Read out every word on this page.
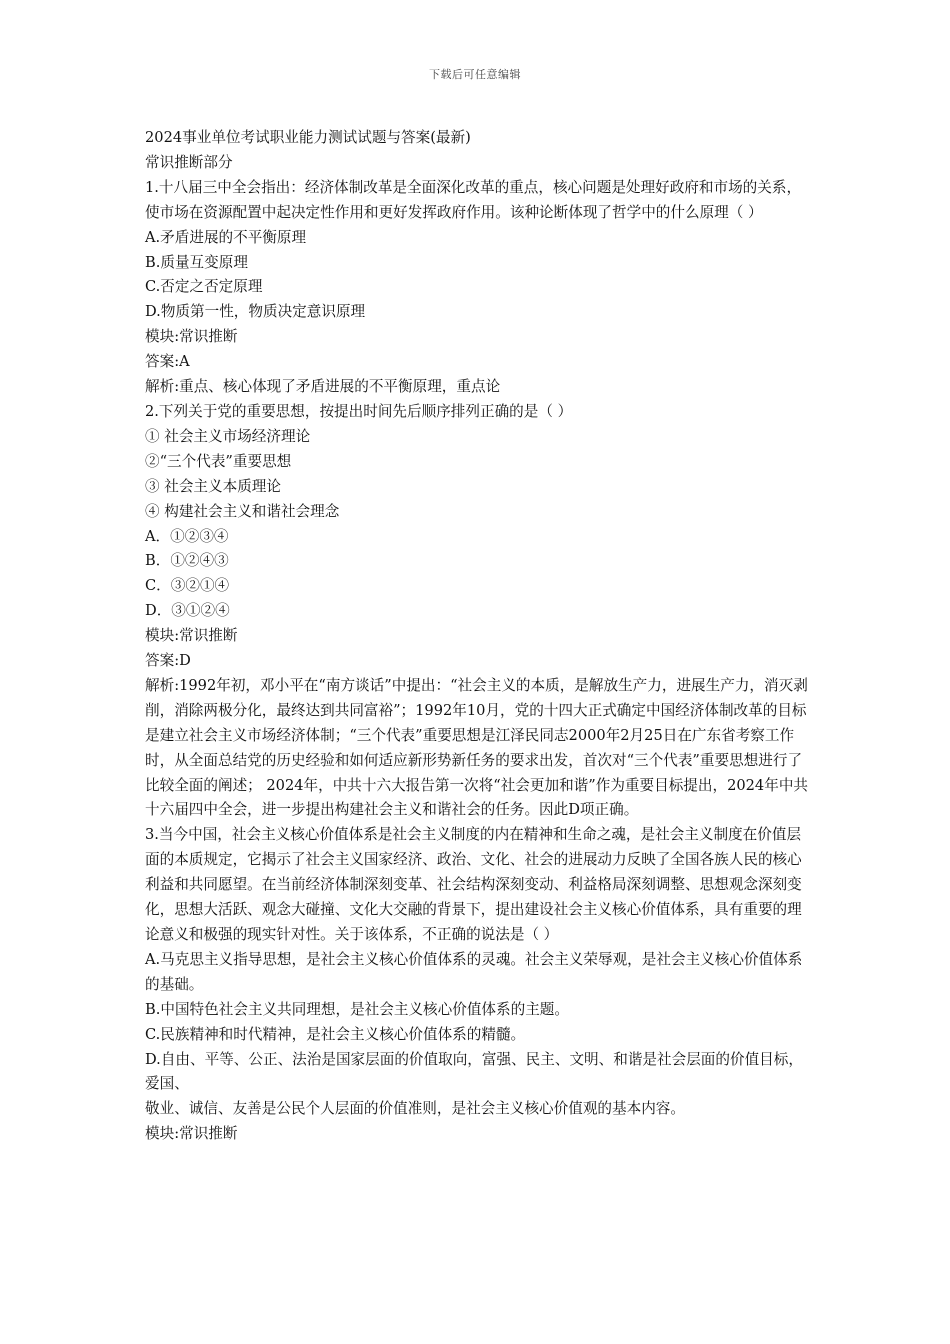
下载后可任意编辑

2024事业单位考试职业能力测试试题与答案(最新)

常识推断部分

1.十八届三中全会指出：经济体制改革是全面深化改革的重点，核心问题是处理好政府和市场的关系，使市场在资源配置中起决定性作用和更好发挥政府作用。该种论断体现了哲学中的什么原理（ ）

A.矛盾进展的不平衡原理

B.质量互变原理

C.否定之否定原理

D.物质第一性，物质决定意识原理

模块:常识推断

答案:A

解析:重点、核心体现了矛盾进展的不平衡原理，重点论

2.下列关于党的重要思想，按提出时间先后顺序排列正确的是（ ）

① 社会主义市场经济理论

②“三个代表”重要思想

③ 社会主义本质理论

④ 构建社会主义和谐社会理念

A．①②③④

B．①②④③

C．③②①④

D．③①②④

模块:常识推断

答案:D

解析:1992年初，邓小平在“南方谈话”中提出：“社会主义的本质，是解放生产力，进展生产力，消灭剥削，消除两极分化，最终达到共同富裕”；1992年10月，党的十四大正式确定中国经济体制改革的目标是建立社会主义市场经济体制；“三个代表”重要思想是江泽民同志2000年2月25日在广东省考察工作时，从全面总结党的历史经验和如何适应新形势新任务的要求出发，首次对“三个代表”重要思想进行了比较全面的阐述； 2024年，中共十六大报告第一次将“社会更加和谐”作为重要目标提出，2024年中共十六届四中全会，进一步提出构建社会主义和谐社会的任务。因此D项正确。

3.当今中国，社会主义核心价值体系是社会主义制度的内在精神和生命之魂，是社会主义制度在价值层面的本质规定，它揭示了社会主义国家经济、政治、文化、社会的进展动力反映了全国各族人民的核心利益和共同愿望。在当前经济体制深刻变革、社会结构深刻变动、利益格局深刻调整、思想观念深刻变化，思想大活跃、观念大碰撞、文化大交融的背景下，提出建设社会主义核心价值体系，具有重要的理论意义和极强的现实针对性。关于该体系，不正确的说法是（ ）

A.马克思主义指导思想，是社会主义核心价值体系的灵魂。社会主义荣辱观，是社会主义核心价值体系的基础。

B.中国特色社会主义共同理想，是社会主义核心价值体系的主题。

C.民族精神和时代精神，是社会主义核心价值体系的精髓。

D.自由、平等、公正、法治是国家层面的价值取向，富强、民主、文明、和谐是社会层面的价值目标，爱国、

敬业、诚信、友善是公民个人层面的价值准则，是社会主义核心价值观的基本内容。

模块:常识推断
